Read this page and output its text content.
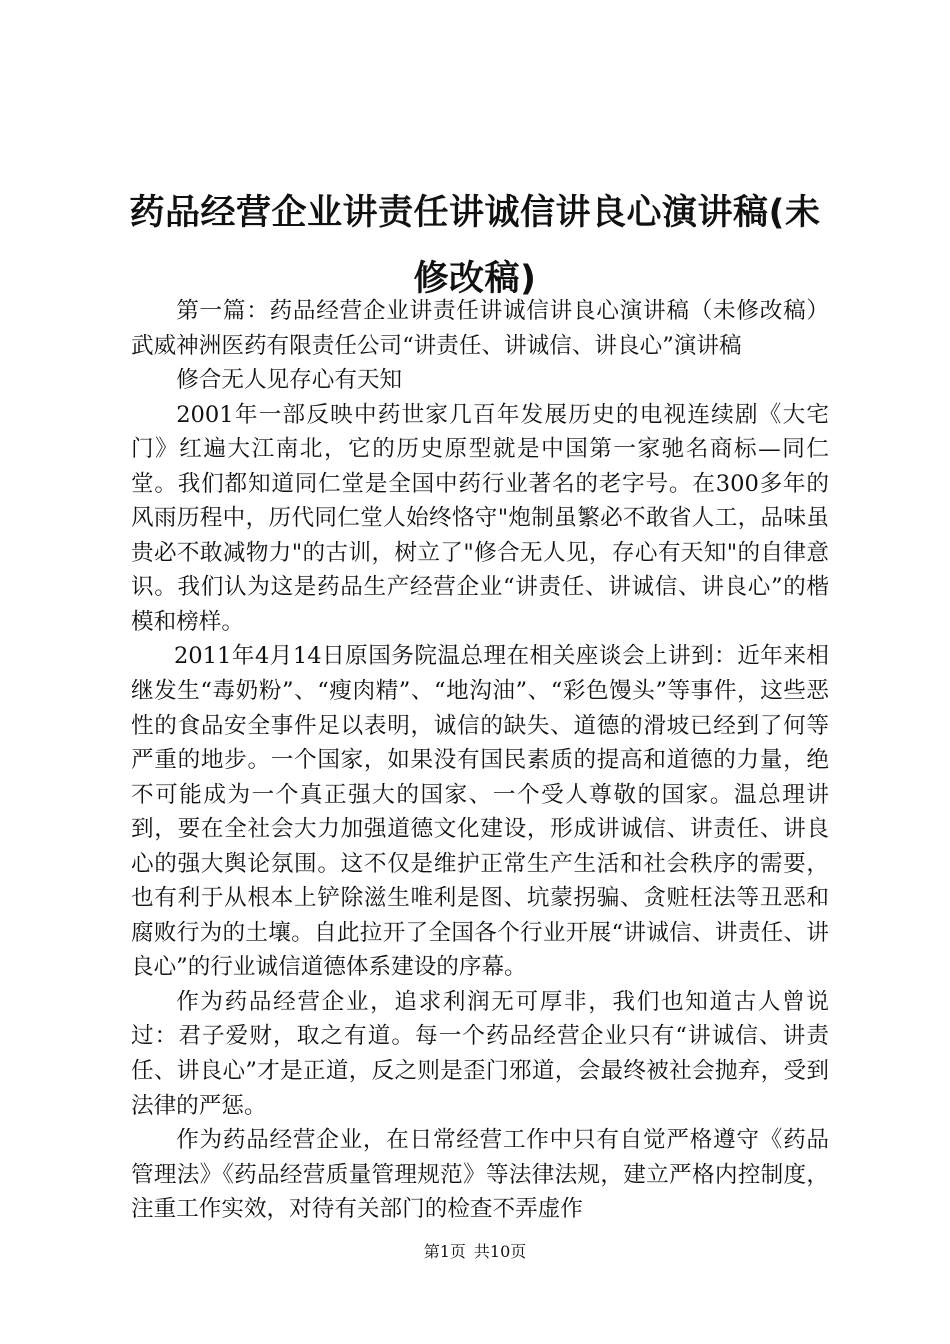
药品经营企业讲责任讲诚信讲良心演讲稿(未
修改稿)

第一篇：药品经营企业讲责任讲诚信讲良心演讲稿（未修改稿）武威神洲医药有限责任公司“讲责任、讲诚信、讲良心”演讲稿

修合无人见存心有天知

2001年一部反映中药世家几百年发展历史的电视连续剧《大宅门》红遍大江南北，它的历史原型就是中国第一家驰名商标—同仁堂。我们都知道同仁堂是全国中药行业著名的老字号。在300多年的风雨历程中，历代同仁堂人始终恪守"炮制虽繁必不敢省人工，品味虽贵必不敢减物力"的古训，树立了"修合无人见，存心有天知"的自律意识。我们认为这是药品生产经营企业“讲责任、讲诚信、讲良心”的楷模和榜样。

2011年4月14日原国务院温总理在相关座谈会上讲到：近年来相继发生“毒奶粉”、“瘦肉精”、“地沟油”、“彩色馒头”等事件，这些恶性的食品安全事件足以表明，诚信的缺失、道德的滑坡已经到了何等严重的地步。一个国家，如果没有国民素质的提高和道德的力量，绝不可能成为一个真正强大的国家、一个受人尊敬的国家。温总理讲到，要在全社会大力加强道德文化建设，形成讲诚信、讲责任、讲良心的强大舆论氛围。这不仅是维护正常生产生活和社会秩序的需要，也有利于从根本上铲除滋生唯利是图、坑蒙拐骗、贪赃枉法等丑恶和腐败行为的土壤。自此拉开了全国各个行业开展“讲诚信、讲责任、讲良心”的行业诚信道德体系建设的序幕。

作为药品经营企业，追求利润无可厚非，我们也知道古人曾说过：君子爱财，取之有道。每一个药品经营企业只有“讲诚信、讲责任、讲良心”才是正道，反之则是歪门邪道，会最终被社会抛弃，受到法律的严惩。

作为药品经营企业，在日常经营工作中只有自觉严格遵守《药品管理法》《药品经营质量管理规范》等法律法规，建立严格内控制度，注重工作实效，对待有关部门的检查不弄虚作

第1页 共10页
